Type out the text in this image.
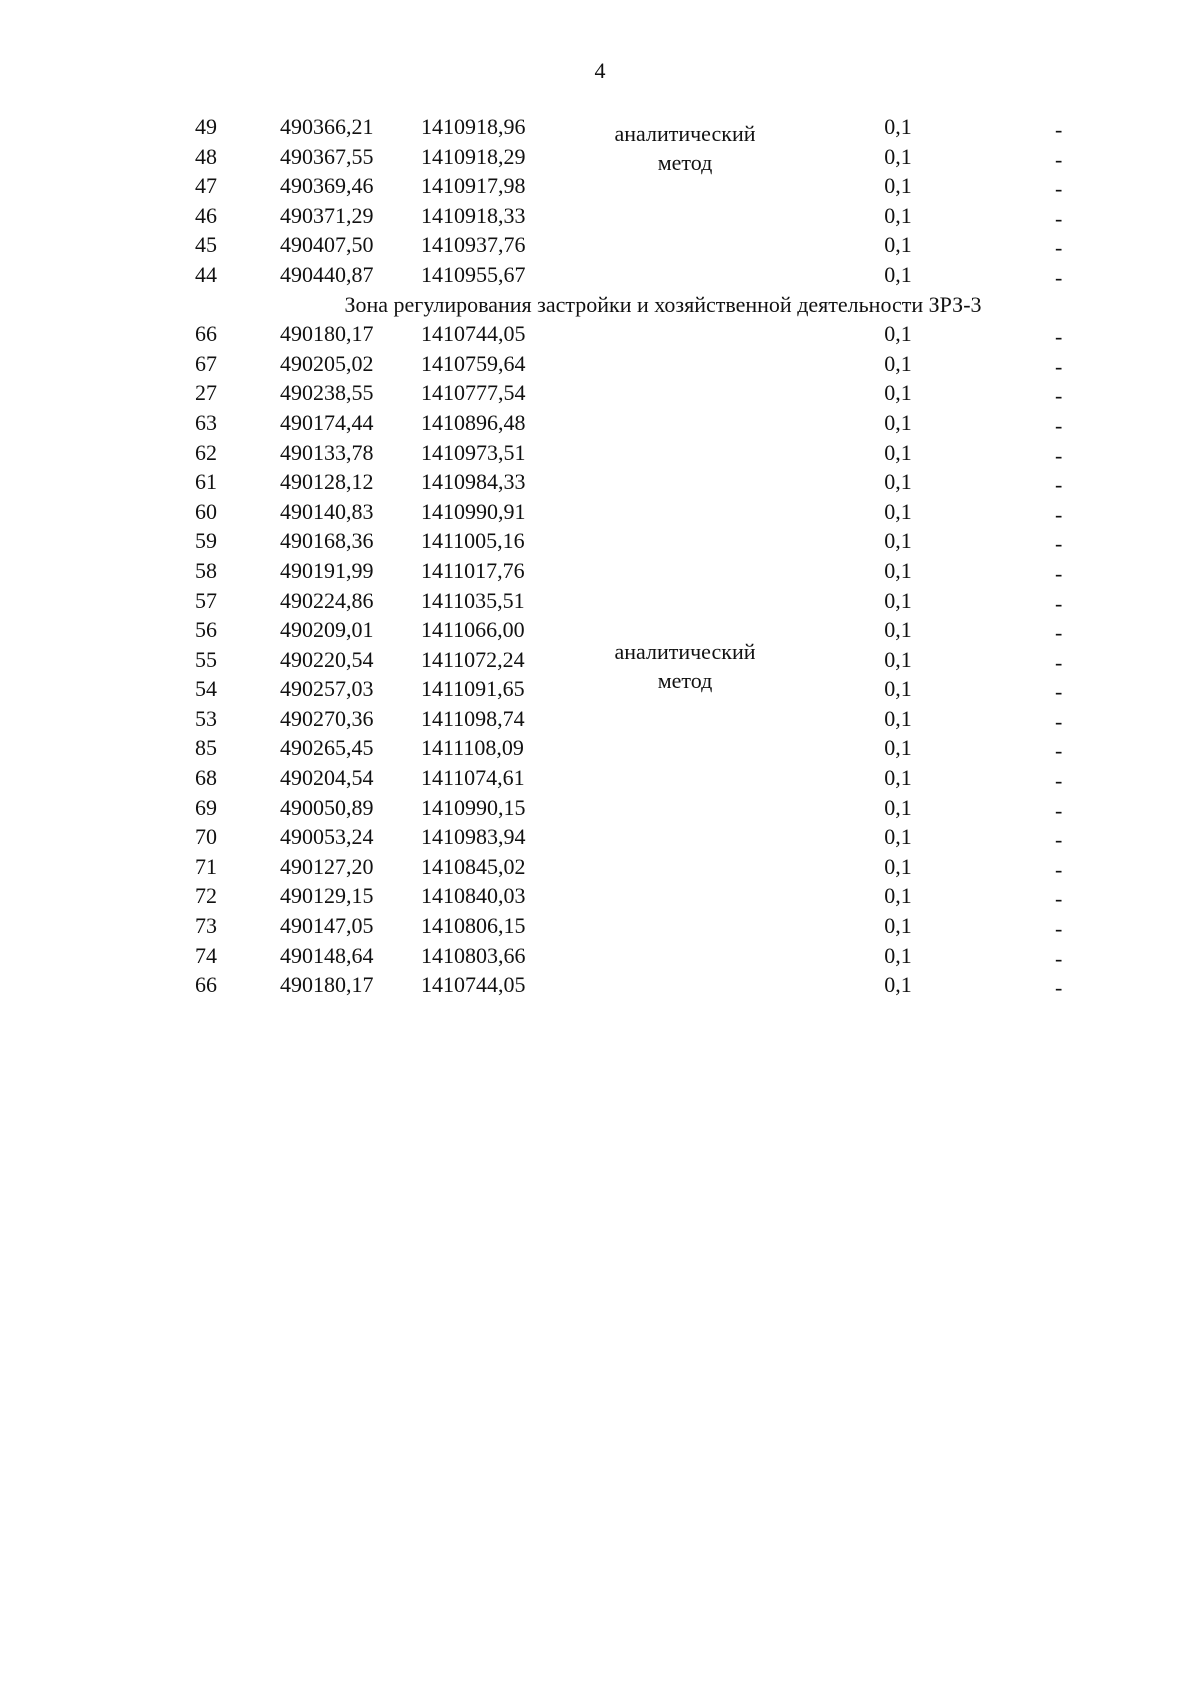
4
49	490366,21 1410918,96	0,1	-
48	490367,55 1410918,29	0,1	-
47	490369,46 1410917,98	0,1	-
46	490371,29 1410918,33	0,1	-
45	490407,50 1410937,76	0,1	-
44	490440,87 1410955,67	0,1	-
аналитический
метод
Зона регулирования застройки и хозяйственной деятельности ЗРЗ-3
66	490180,17 1410744,05	0,1	-
67	490205,02 1410759,64	0,1	-
27	490238,55 1410777,54	0,1	-
63	490174,44 1410896,48	0,1	-
62	490133,78 1410973,51	0,1	-
61	490128,12 1410984,33	0,1	-
60	490140,83 1410990,91	0,1	-
59	490168,36 1411005,16	0,1	-
58	490191,99 1411017,76	0,1	-
57	490224,86 1411035,51	0,1	-
56	490209,01 1411066,00	0,1	-
55	490220,54 1411072,24	0,1	-
54	490257,03 1411091,65	0,1	-
53	490270,36 1411098,74	0,1	-
85	490265,45 1411108,09	0,1	-
68	490204,54 1411074,61	0,1	-
69	490050,89 1410990,15	0,1	-
70	490053,24 1410983,94	0,1	-
71	490127,20 1410845,02	0,1	-
72	490129,15 1410840,03	0,1	-
73	490147,05 1410806,15	0,1	-
74	490148,64 1410803,66	0,1	-
66	490180,17 1410744,05	0,1	-
аналитический
метод
